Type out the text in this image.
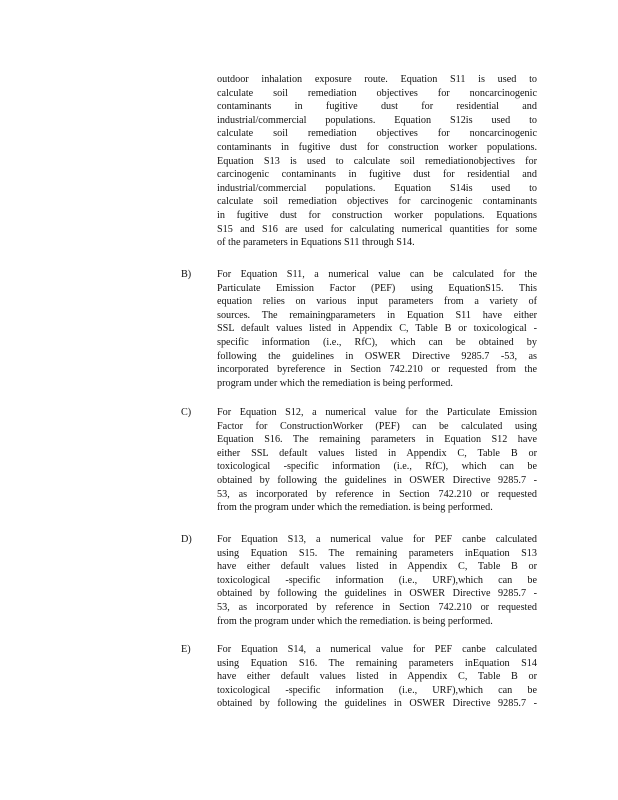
outdoor inhalation exposure route. Equation S11 is used to
calculate soil remediation objectives for noncarcinogenic
contaminants in fugitive dust for residential and
industrial/commercial populations. Equation S12is used to
calculate soil remediation objectives for noncarcinogenic
contaminants in fugitive dust for construction worker populations.
Equation S13 is used to calculate soil remediationobjectives for
carcinogenic contaminants in fugitive dust for residential and
industrial/commercial populations. Equation S14is used to
calculate soil remediation objectives for carcinogenic contaminants
in fugitive dust for construction worker populations. Equations
S15 and S16 are used for calculating numerical quantities for some
of the parameters in Equations S11 through S14.
B)	For Equation S11, a numerical value can be calculated for the
Particulate Emission Factor (PEF) using EquationS15. This
equation relies on various input parameters from a variety of
sources. The remainingparameters in Equation S11 have either
SSL default values listed in Appendix C, Table B or toxicological -
specific information (i.e., RfC), which can be obtained by
following the guidelines in OSWER Directive 9285.7 -53, as
incorporated byreference in Section 742.210 or requested from the
program under which the remediation is being performed.
C)	For Equation S12, a numerical value for the Particulate Emission
Factor for ConstructionWorker (PEF) can be calculated using
Equation S16. The remaining parameters in Equation S12 have
either SSL default values listed in Appendix C, Table B or
toxicological -specific information (i.e., RfC), which can be
obtained by following the guidelines in OSWER Directive 9285.7 -
53, as incorporated by reference in Section 742.210 or requested
from the program under which the remediation. is being performed.
D) For Equation S13, a numerical value for PEF canbe calculated
using Equation S15. The remaining parameters inEquation S13
have either default values listed in Appendix C, Table B or
toxicological -specific information (i.e., URF),which can be
obtained by following the guidelines in OSWER Directive 9285.7 -
53, as incorporated by reference in Section 742.210 or requested
from the program under which the remediation. is being performed.
E)	For Equation S14, a numerical value for PEF canbe calculated
using Equation S16. The remaining parameters inEquation S14
have either default values listed in Appendix C, Table B or
toxicological -specific information (i.e., URF),which can be
obtained by following the guidelines in OSWER Directive 9285.7 -
